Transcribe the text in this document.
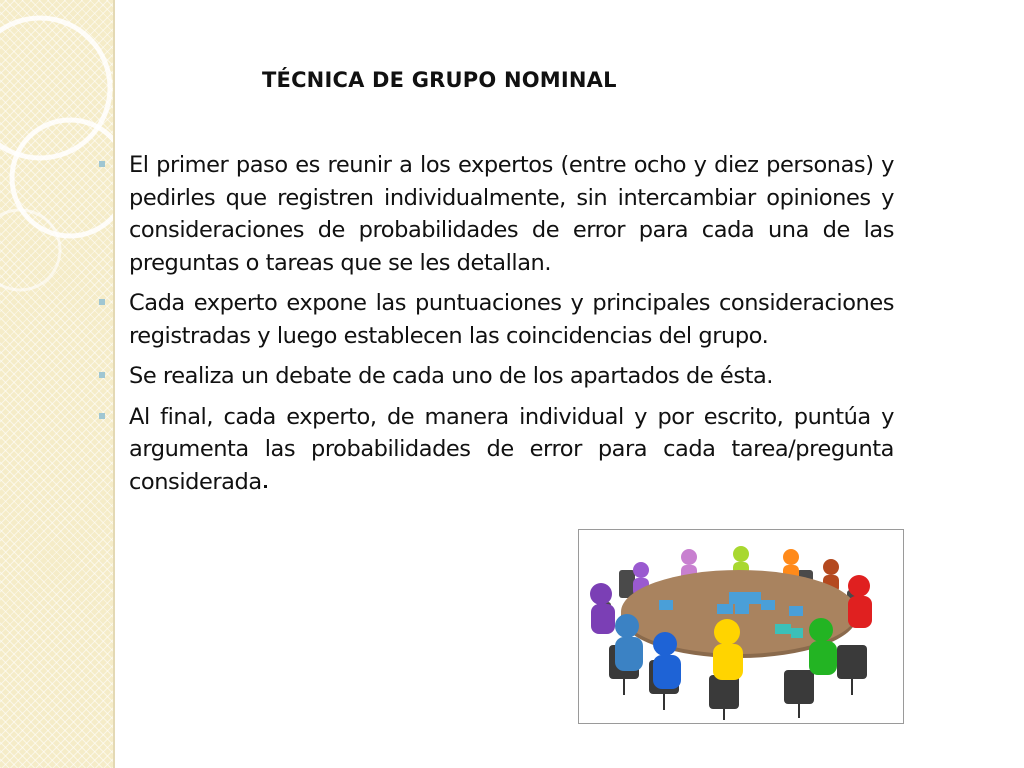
TÉCNICA DE GRUPO NOMINAL
El primer paso es reunir a los expertos (entre ocho y diez personas) y pedirles que registren individualmente, sin intercambiar opiniones y consideraciones de probabilidades de error para cada una de las preguntas o tareas que se les detallan.
Cada experto expone las puntuaciones y principales consideraciones registradas y luego establecen las coincidencias del grupo.
Se realiza un debate de cada uno de los apartados de ésta.
Al final, cada experto, de manera individual y por escrito, puntúa y argumenta las probabilidades de error para cada tarea/pregunta considerada
